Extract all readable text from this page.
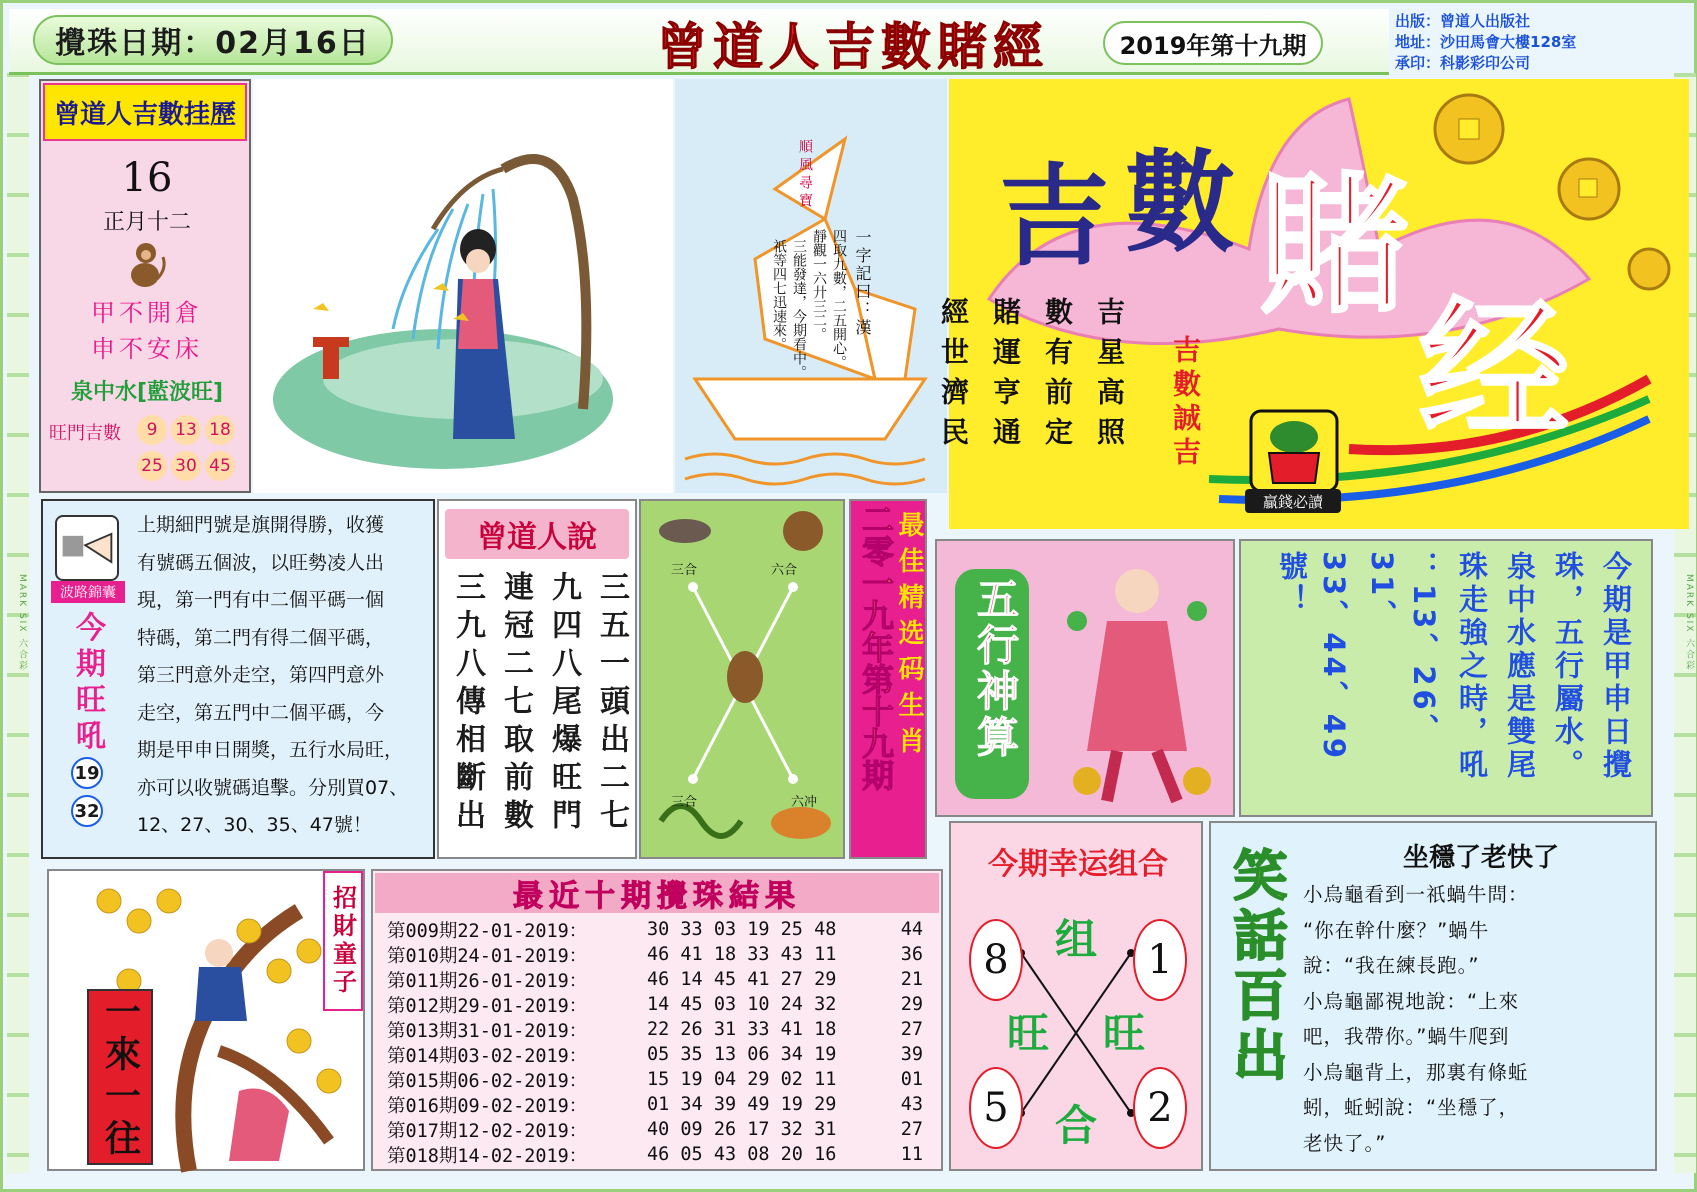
MARK SIX 六合彩	MARK SIX 六合彩
攪珠日期：02月16日	曾道人吉數賭經	2019年第十九期
出版：曾道人出版社
地址：沙田馬會大樓128室
承印：科影彩印公司
曾道人吉數挂歷
16
正月十二
甲不開倉
申不安床
泉中水[藍波旺]
旺門吉數	9	13 18
25 30 45
順風尋寶
一字記曰：漢
四取九數，二五開心。
靜觀一六廾三二。
三能發達，今期看中。
祇等四七迅速來。
吉 數 賭
经
吉星高照
數有前定
賭運亨通
經世濟民	吉數誠吉
贏錢必讀
波路錦囊
今期旺吼
19
32
上期細門號是旗開得勝，收獲
有號碼五個波，以旺勢凌人出
現，第一門有中二個平碼一個
特碼，第二門有得二個平碼，
第三門意外走空，第四門意外
走空，第五門中二個平碼，今
期是甲申日開獎，五行水局旺，
亦可以收號碼追擊。分別買07、
12、27、30、35、47號！
曾道人說
三五一頭出二七
九四八尾爆旺門
連冠二七取前數
三九八傳相斷出
三合	六合
三合	六冲
最佳精选码生肖
二零一九年第十九期 五行神算	今期是甲申日攪
珠，五行屬水。
泉中水應是雙尾
珠走強之時，吼
：13、26、31、
33、44、49號！
招財童子
一來一往
最近十期攪珠結果
第009期22-01-2019：	30 33 03 19 25 48	44
第010期24-01-2019：	46 41 18 33 43 11	36
第011期26-01-2019：	46 14 45 41 27 29	21
第012期29-01-2019：	14 45 03 10 24 32	29
第013期31-01-2019：	22 26 31 33 41 18	27
第014期03-02-2019：	05 35 13 06 34 19	39
第015期06-02-2019：	15 19 04 29 02 11	01
第016期09-02-2019：	01 34 39 49 19 29	43
第017期12-02-2019：	40 09 26 17 32 31	27
第018期14-02-2019：	46 05 43 08 20 16	11
今期幸运组合
8	1
5	2
组
旺 旺
合
笑話百出	坐穩了老快了
小烏龜看到一祇蝸牛問：
“你在幹什麼？”蝸牛
說：“我在練長跑。”
小烏龜鄙視地說：“上來
吧，我帶你。”蝸牛爬到
小烏龜背上，那裏有條蚯
蚓，蚯蚓說：“坐穩了，
老快了。”
